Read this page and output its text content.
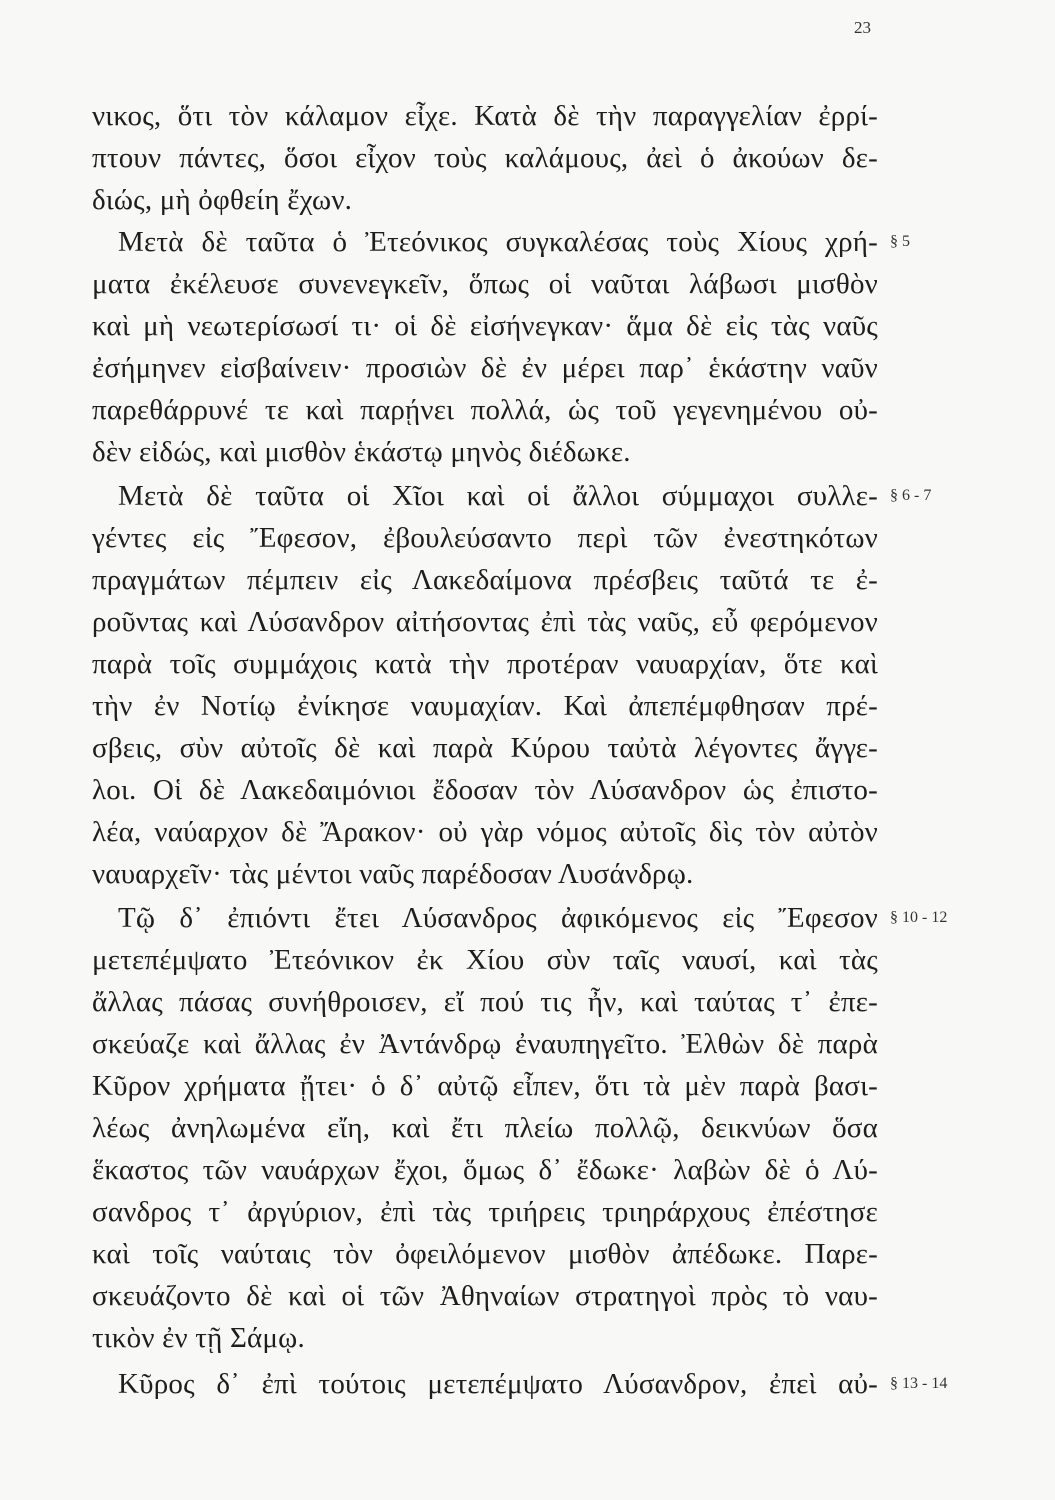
23
νικος, ὅτι τὸν κάλαμον εἶχε. Κατὰ δὲ τὴν παραγγελίαν ἐρρί-
πτουν πάντες, ὅσοι εἶχον τοὺς καλάμους, ἀεὶ ὁ ἀκούων δε-
διώς, μὴ ὀφθείη ἔχων.
Μετὰ δὲ ταῦτα ὁ Ἐτεόνικος συγκαλέσας τοὺς Χίους χρή-
ματα ἐκέλευσε συνενεγκεῖν, ὅπως οἱ ναῦται λάβωσι μισθὸν
καὶ μὴ νεωτερίσωσί τι· οἱ δὲ εἰσήνεγκαν· ἅμα δὲ εἰς τὰς ναῦς
ἐσήμηνεν εἰσβαίνειν· προσιὼν δὲ ἐν μέρει παρ᾿ ἑκάστην ναῦν
παρεθάρρυνέ τε καὶ παρῄνει πολλά, ὡς τοῦ γεγενημένου οὐ-
δὲν εἰδώς, καὶ μισθὸν ἑκάστῳ μηνὸς διέδωκε.
Μετὰ δὲ ταῦτα οἱ Χῖοι καὶ οἱ ἄλλοι σύμμαχοι συλλε-
γέντες εἰς Ἔφεσον, ἐβουλεύσαντο περὶ τῶν ἐνεστηκότων
πραγμάτων πέμπειν εἰς Λακεδαίμονα πρέσβεις ταῦτά τε ἐ-
ροῦντας καὶ Λύσανδρον αἰτήσοντας ἐπὶ τὰς ναῦς, εὖ φερόμενον
παρὰ τοῖς συμμάχοις κατὰ τὴν προτέραν ναυαρχίαν, ὅτε καὶ
τὴν ἐν Νοτίῳ ἐνίκησε ναυμαχίαν. Καὶ ἀπεπέμφθησαν πρέ-
σβεις, σὺν αὐτοῖς δὲ καὶ παρὰ Κύρου ταὐτὰ λέγοντες ἄγγε-
λοι. Οἱ δὲ Λακεδαιμόνιοι ἔδοσαν τὸν Λύσανδρον ὡς ἐπιστο-
λέα, ναύαρχον δὲ Ἄρακον· οὐ γὰρ νόμος αὐτοῖς δὶς τὸν αὐτὸν
ναυαρχεῖν· τὰς μέντοι ναῦς παρέδοσαν Λυσάνδρῳ.
Τῷ δ᾿ ἐπιόντι ἔτει Λύσανδρος ἀφικόμενος εἰς Ἔφεσον
μετεπέμψατο Ἐτεόνικον ἐκ Χίου σὺν ταῖς ναυσί, καὶ τὰς
ἄλλας πάσας συνήθροισεν, εἴ πού τις ἦν, καὶ ταύτας τ᾿ ἐπε-
σκεύαζε καὶ ἄλλας ἐν Ἀντάνδρῳ ἐναυπηγεῖτο. Ἐλθὼν δὲ παρὰ
Κῦρον χρήματα ᾔτει· ὁ δ᾿ αὐτῷ εἶπεν, ὅτι τὰ μὲν παρὰ βασι-
λέως ἀνηλωμένα εἴη, καὶ ἔτι πλείω πολλῷ, δεικνύων ὅσα
ἕκαστος τῶν ναυάρχων ἔχοι, ὅμως δ᾿ ἔδωκε· λαβὼν δὲ ὁ Λύ-
σανδρος τ᾿ ἀργύριον, ἐπὶ τὰς τριήρεις τριηράρχους ἐπέστησε
καὶ τοῖς ναύταις τὸν ὀφειλόμενον μισθὸν ἀπέδωκε. Παρε-
σκευάζοντο δὲ καὶ οἱ τῶν Ἀθηναίων στρατηγοὶ πρὸς τὸ ναυ-
τικὸν ἐν τῇ Σάμῳ.
Κῦρος δ᾿ ἐπὶ τούτοις μετεπέμψατο Λύσανδρον, ἐπεὶ αὐ-
§ 5
§ 6 - 7
§ 10 - 12
§ 13 - 14
